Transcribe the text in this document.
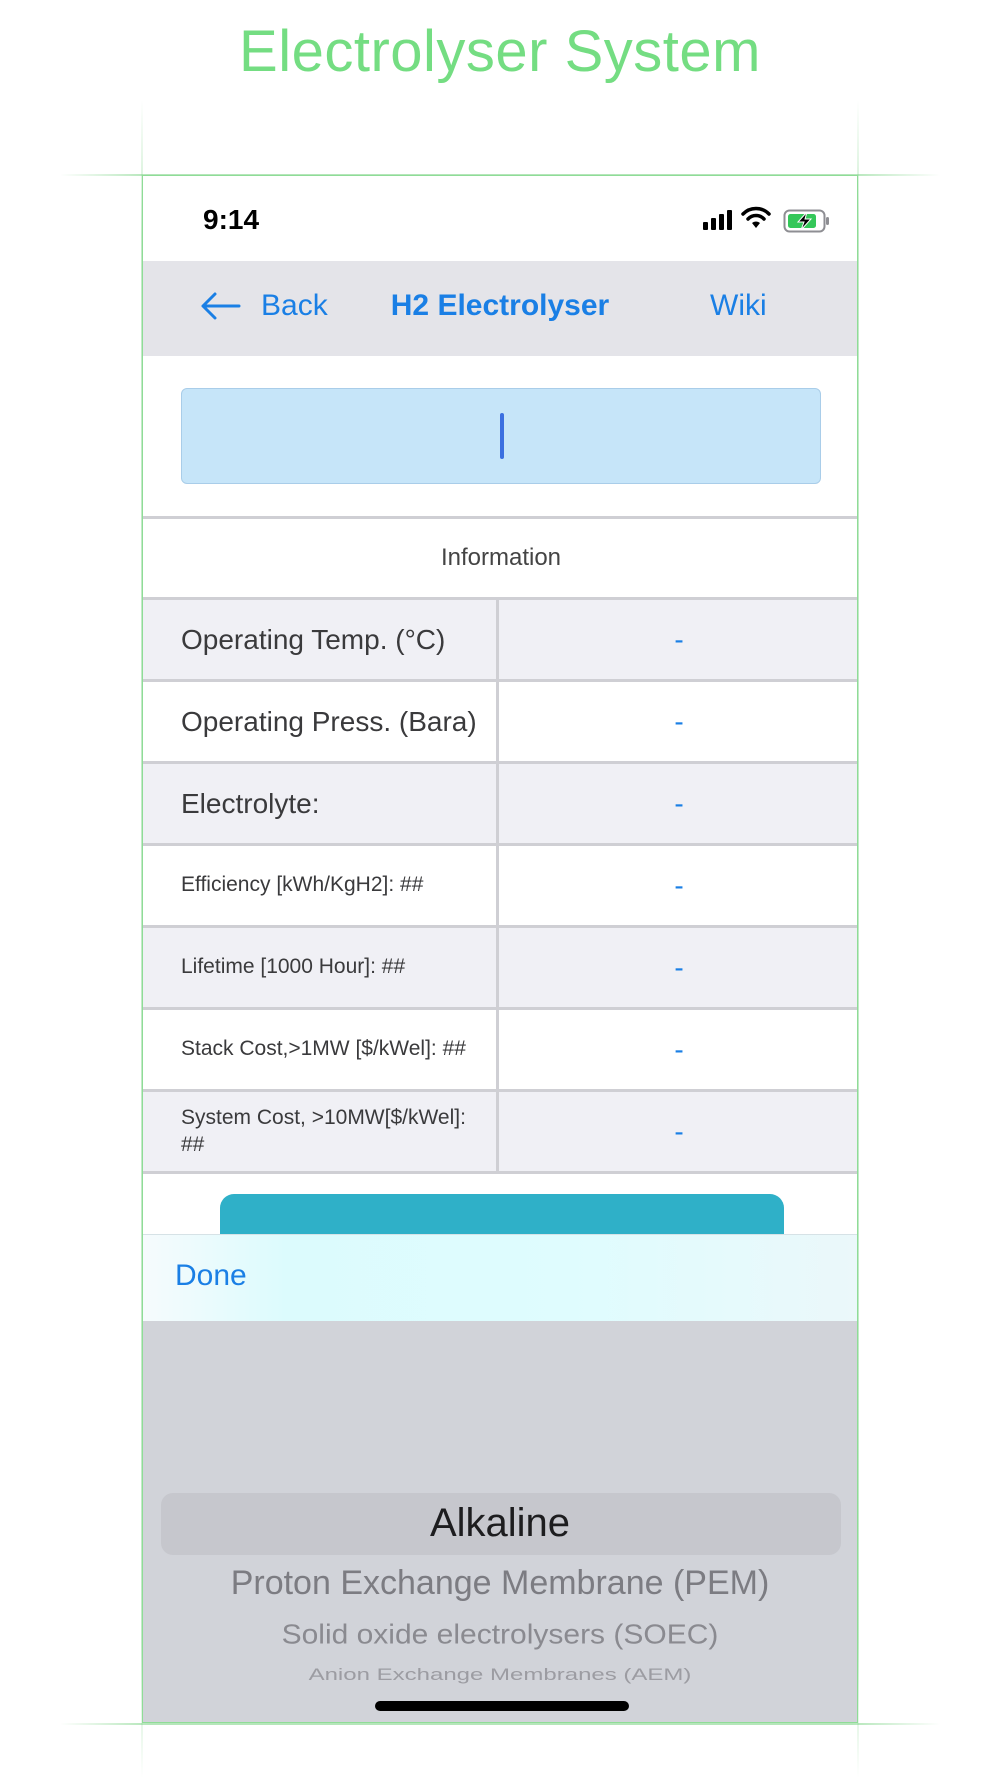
Electrolyser System
9:14
Back	H2 Electrolyser	Wiki
Information
Operating Temp. (°C)	-
Operating Press. (Bara)	-
Electrolyte:	-
Efficiency [kWh/KgH2]: ##	-
Lifetime [1000 Hour]: ##	-
Stack Cost,>1MW [$/kWel]: ##	-
System Cost, >10MW[$/kWel]: ##	-
Done
Alkaline
Proton Exchange Membrane (PEM)
Solid oxide electrolysers (SOEC)
Anion Exchange Membranes (AEM)
